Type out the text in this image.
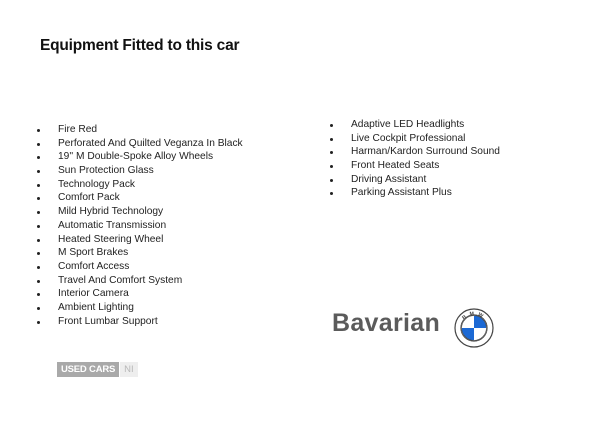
Equipment Fitted to this car
Fire Red
Perforated And Quilted Veganza In Black
19'' M Double-Spoke Alloy Wheels
Sun Protection Glass
Technology Pack
Comfort Pack
Mild Hybrid Technology
Automatic Transmission
Heated Steering Wheel
M Sport Brakes
Comfort Access
Travel And Comfort System
Interior Camera
Ambient Lighting
Front Lumbar Support
Adaptive LED Headlights
Live Cockpit Professional
Harman/Kardon Surround Sound
Front Heated Seats
Driving Assistant
Parking Assistant Plus
Bavarian	BMW
USED CARS NI
